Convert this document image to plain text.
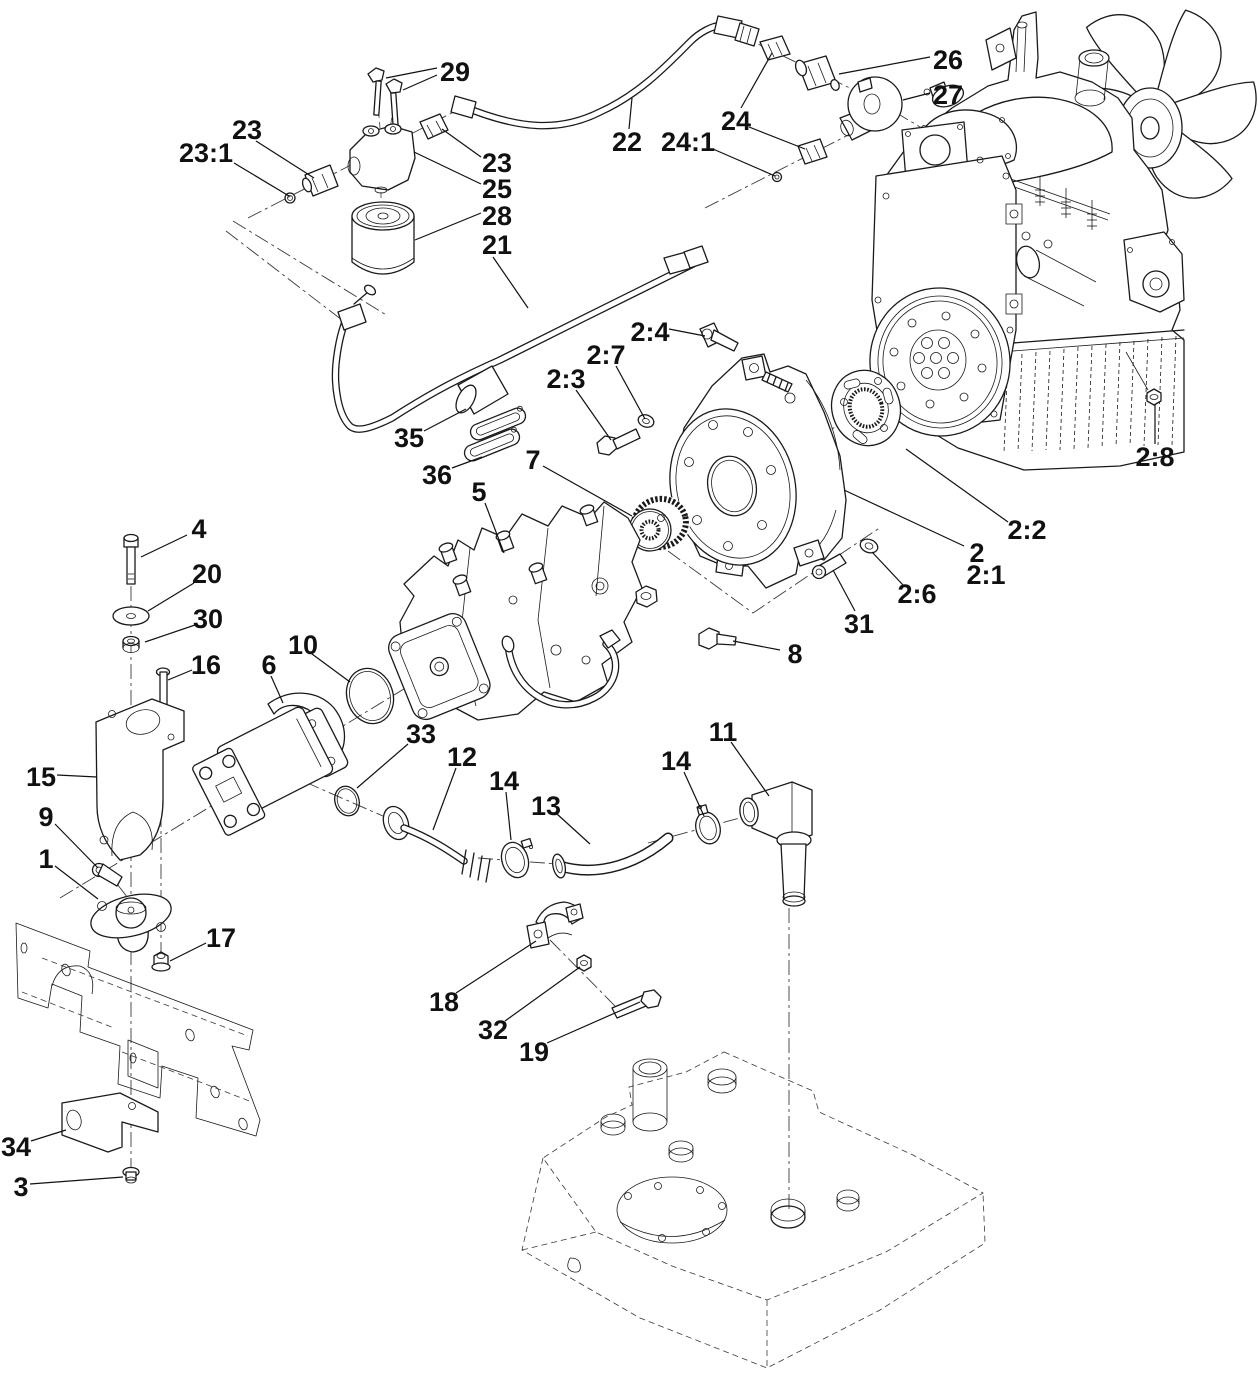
29
23
23:1	23
25
28
21
22
24
24:1
26
27
2:4
2:7
2:3
2:8
2:2
2
2:1
2:6
31
8
35
36	7
5
4
20
30
16 6
10
15
9
1
33
12
14
13
14
11
17
18
32
19
34
3
